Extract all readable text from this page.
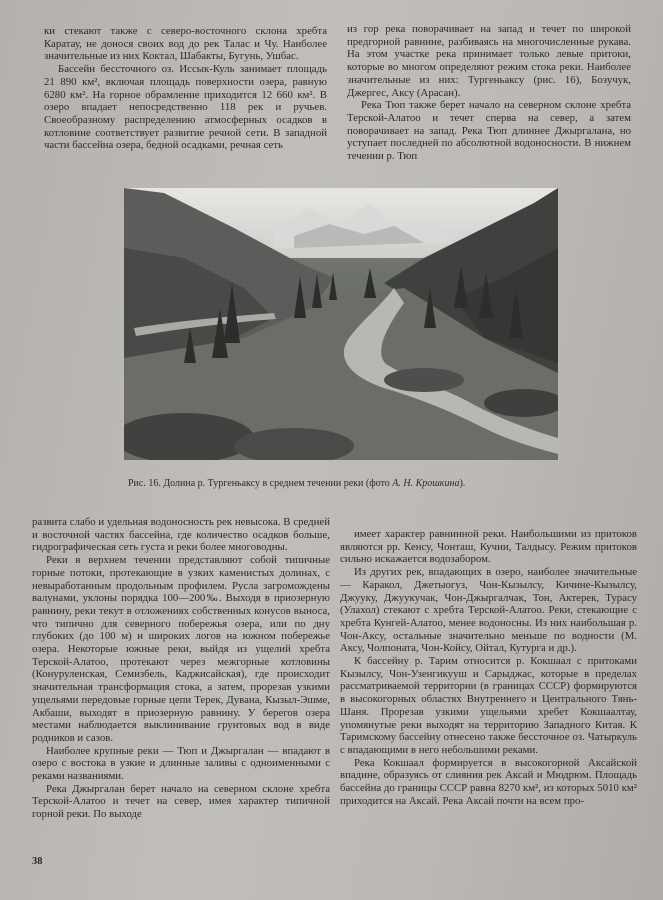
ки стекают также с северо-восточного склона хребта Каратау, не донося своих вод до рек Талас и Чу. Наиболее значительные из них Коктал, Шабакты, Бугунь, Ушбас.

Бассейн бессточного оз. Иссык-Куль занимает площадь 21 890 км², включая площадь поверхности озера, равную 6280 км². На горное обрамление приходится 12 660 км². В озеро впадает непосредственно 118 рек и ручьев. Своеобразному распределению атмосферных осадков в котловине соответствует развитие речной сети. В западной части бассейна озера, бедной осадками, речная сеть

из гор река поворачивает на запад и течет по широкой предгорной равнине, разбиваясь на многочисленные рукава. На этом участке река принимает только левые притоки, которые во многом определяют режим стока реки. Наиболее значительные из них: Тургеньаксу (рис. 16), Бозучук, Джергес, Аксу (Арасан).

Река Тюп также берет начало на северном склоне хребта Терской-Алатоо и течет сперва на север, а затем поворачивает на запад. Река Тюп длиннее Джыргалана, но уступает последней по абсолютной водоносности. В нижнем течении р. Тюп

Рис. 16. Долина р. Тургеньаксу в среднем течении реки (фото А. Н. Крошкина).

развита слабо и удельная водоносность рек невысока. В средней и восточной частях бассейна, где количество осадков больше, гидрографическая сеть густа и реки более многоводны.

Реки в верхнем течении представляют собой типичные горные потоки, протекающие в узких каменистых долинах, с невыработанным продольным профилем. Русла загромождены валунами, уклоны порядка 100—200‰. Выходя в приозерную равнину, реки текут в отложениях собственных конусов выноса, что типично для северного побережья озера, или по дну глубоких (до 100 м) и широких логов на южном побережье озера. Некоторые южные реки, выйдя из ущелий хребта Терской-Алатоо, протекают через межгорные котловины (Конуруленская, Семизбель, Каджисайская), где происходит значительная трансформация стока, а затем, прорезав узкими ущельями передовые горные цепи Терек, Дувана, Кызыл-Эшме, Акбаши, выходят в приозерную равнину. У берегов озера местами наблюдается выклинивание грунтовых вод в виде родников и сазов.

Наиболее крупные реки — Тюп и Джыргалан — впадают в озеро с востока в узкие и длинные заливы с одноименными с реками названиями.

Река Джыргалан берет начало на северном склоне хребта Терской-Алатоо и течет на север, имея характер типичной горной реки. По выходе

имеет характер равнинной реки. Наибольшими из притоков являются рр. Кенсу, Чонташ, Кучии, Талдысу. Режим притоков сильно искажается водозабором.

Из других рек, впадающих в озеро, наиболее значительные — Каракол, Джетыогуз, Чон-Кызылсу, Кичине-Кызылсу, Джууку, Джуукучак, Чон-Джыргалчак, Тон, Актерек, Турасу (Улахол) стекают с хребта Терской-Алатоо. Реки, стекающие с хребта Кунгей-Алатоо, менее водоносны. Из них наибольшая р. Чон-Аксу, остальные значительно меньше по водности (М. Аксу, Чолпоната, Чон-Койсу, Ойтал, Кутурга и др.).

К бассейну р. Тарим относится р. Кокшаал с притоками Кызылсу, Чон-Узенгикууш и Сарыджас, которые в пределах рассматриваемой территории (в границах СССР) формируются в высокогорных областях Внутреннего и Центрального Тянь-Шаня. Прорезав узкими ущельями хребет Кокшаалтау, упомянутые реки выходят на территорию Западного Китая. К Таримскому бассейну отнесено также бессточное оз. Чатыркуль с впадающими в него небольшими реками.

Река Кокшаал формируется в высокогорной Аксайской впадине, образуясь от слияния рек Аксай и Мюдрюм. Площадь бассейна до границы СССР равна 8270 км², из которых 5010 км² приходится на Аксай. Река Аксай почти на всем про-

38
